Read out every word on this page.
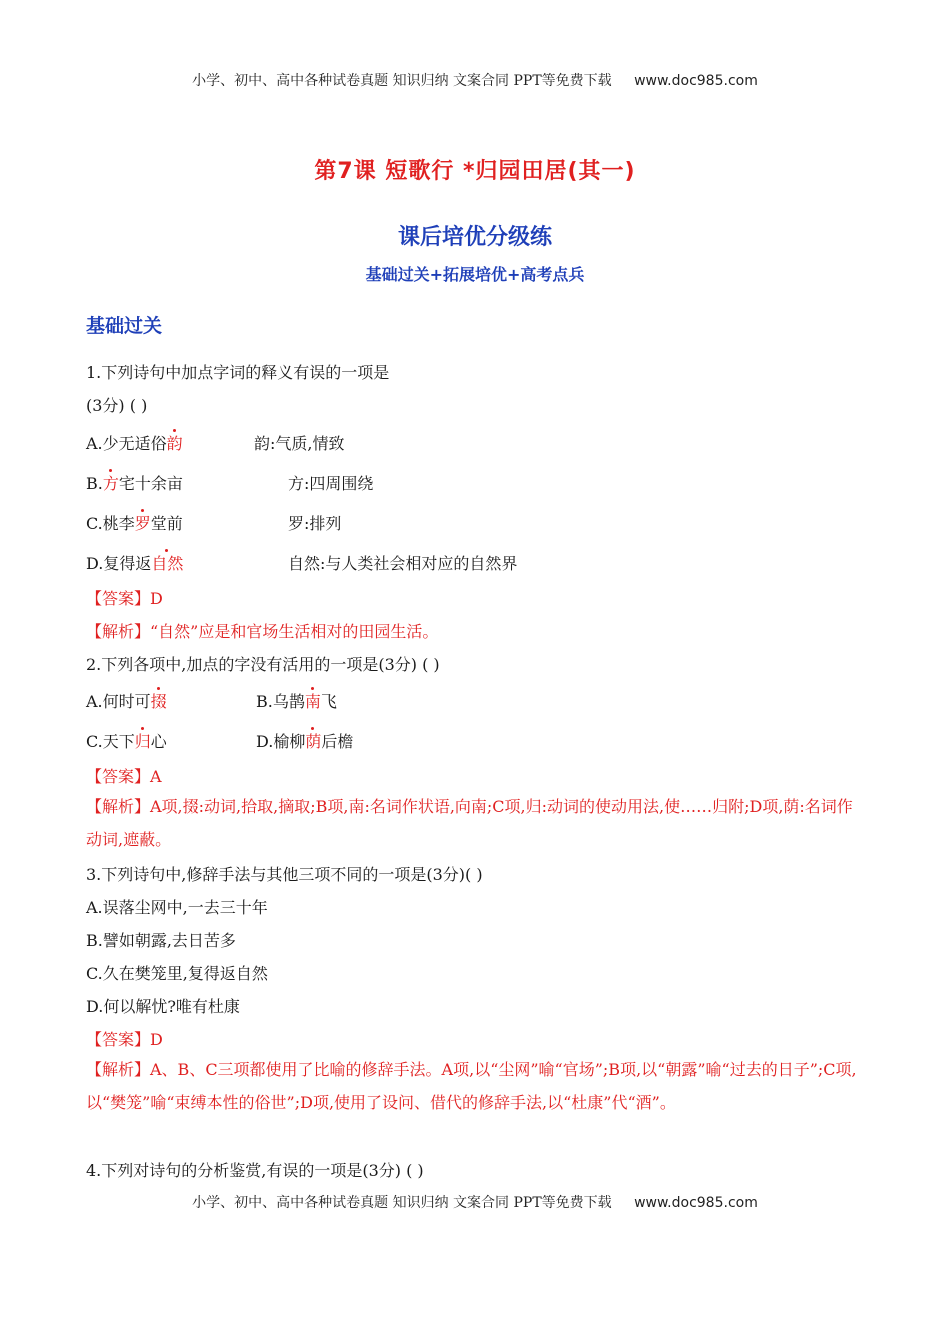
小学、初中、高中各种试卷真题 知识归纳 文案合同 PPT等免费下载 www.doc985.com
第7课 短歌行 *归园田居(其一)
课后培优分级练
基础过关+拓展培优+高考点兵
基础过关
1.下列诗句中加点字词的释义有误的一项是
(3分) ( )
A.少无适俗韵	韵:气质,情致
B.方宅十余亩	方:四周围绕
C.桃李罗堂前	罗:排列
D.复得返自然	自然:与人类社会相对应的自然界
【答案】D
【解析】“自然”应是和官场生活相对的田园生活。
2.下列各项中,加点的字没有活用的一项是(3分) ( )
A.何时可掇	B.乌鹊南飞
C.天下归心	D.榆柳荫后檐
【答案】A
【解析】A项,掇:动词,拾取,摘取;B项,南:名词作状语,向南;C项,归:动词的使动用法,使……归附;D项,荫:名词作动词,遮蔽。
3.下列诗句中,修辞手法与其他三项不同的一项是(3分)( )
A.误落尘网中,一去三十年
B.譬如朝露,去日苦多
C.久在樊笼里,复得返自然
D.何以解忧?唯有杜康
【答案】D
【解析】A、B、C三项都使用了比喻的修辞手法。A项,以“尘网”喻“官场”;B项,以“朝露”喻“过去的日子”;C项,以“樊笼”喻“束缚本性的俗世”;D项,使用了设问、借代的修辞手法,以“杜康”代“酒”。
4.下列对诗句的分析鉴赏,有误的一项是(3分) ( )
小学、初中、高中各种试卷真题 知识归纳 文案合同 PPT等免费下载 www.doc985.com
